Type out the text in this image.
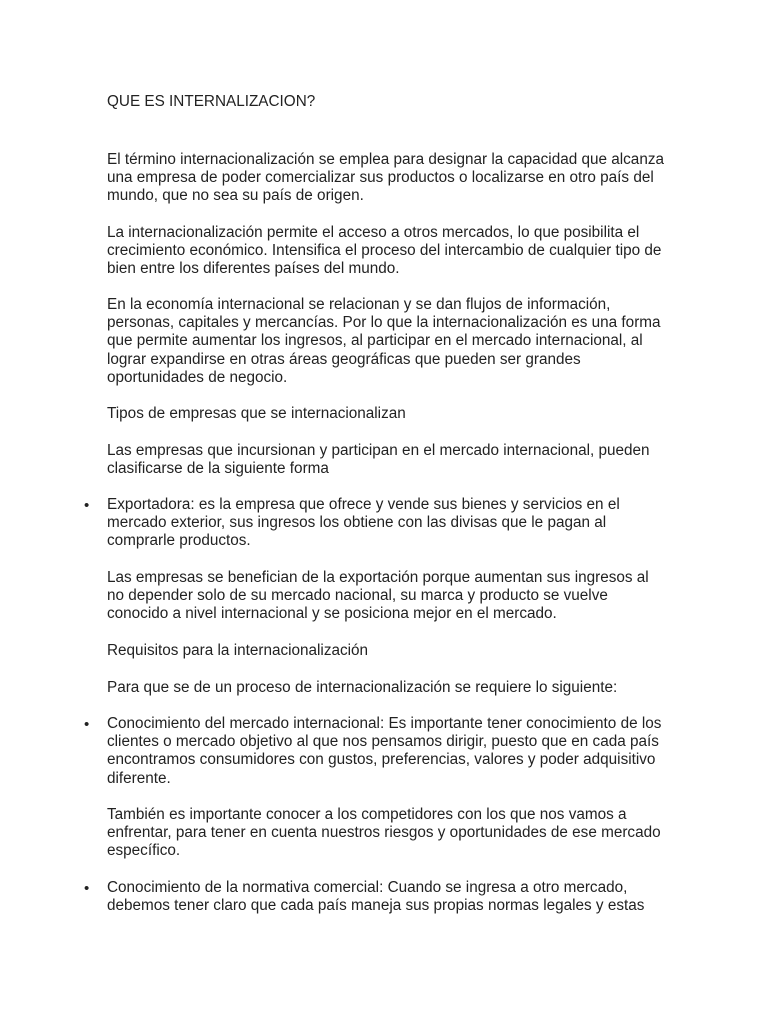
QUE ES INTERNALIZACION?

El término internacionalización se emplea para designar la capacidad que alcanza una empresa de poder comercializar sus productos o localizarse en otro país del mundo, que no sea su país de origen.

La internacionalización permite el acceso a otros mercados, lo que posibilita el crecimiento económico. Intensifica el proceso del intercambio de cualquier tipo de bien entre los diferentes países del mundo.

En la economía internacional se relacionan y se dan flujos de información, personas, capitales y mercancías. Por lo que la internacionalización es una forma que permite aumentar los ingresos, al participar en el mercado internacional, al lograr expandirse en otras áreas geográficas que pueden ser grandes oportunidades de negocio.

Tipos de empresas que se internacionalizan

Las empresas que incursionan y participan en el mercado internacional, pueden clasificarse de la siguiente forma

• Exportadora: es la empresa que ofrece y vende sus bienes y servicios en el mercado exterior, sus ingresos los obtiene con las divisas que le pagan al comprarle productos.

Las empresas se benefician de la exportación porque aumentan sus ingresos al no depender solo de su mercado nacional, su marca y producto se vuelve conocido a nivel internacional y se posiciona mejor en el mercado.

Requisitos para la internacionalización

Para que se de un proceso de internacionalización se requiere lo siguiente:

• Conocimiento del mercado internacional: Es importante tener conocimiento de los clientes o mercado objetivo al que nos pensamos dirigir, puesto que en cada país encontramos consumidores con gustos, preferencias, valores y poder adquisitivo diferente.

También es importante conocer a los competidores con los que nos vamos a enfrentar, para tener en cuenta nuestros riesgos y oportunidades de ese mercado específico.

• Conocimiento de la normativa comercial: Cuando se ingresa a otro mercado, debemos tener claro que cada país maneja sus propias normas legales y estas
